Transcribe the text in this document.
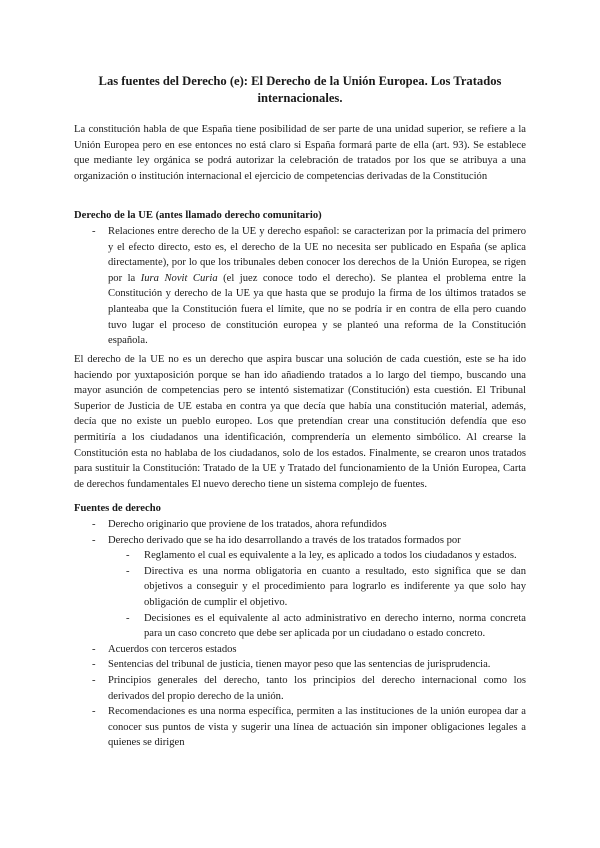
Las fuentes del Derecho (e): El Derecho de la Unión Europea. Los Tratados internacionales.

La constitución habla de que España tiene posibilidad de ser parte de una unidad superior, se refiere a la Unión Europea pero en ese entonces no está claro si España formará parte de ella (art. 93). Se establece que mediante ley orgánica se podrá autorizar la celebración de tratados por los que se atribuya a una organización o institución internacional el ejercicio de competencias derivadas de la Constitución

Derecho de la UE (antes llamado derecho comunitario)

- Relaciones entre derecho de la UE y derecho español: se caracterizan por la primacía del primero y el efecto directo, esto es, el derecho de la UE no necesita ser publicado en España (se aplica directamente), por lo que los tribunales deben conocer los derechos de la Unión Europea, se rigen por la Iura Novit Curia (el juez conoce todo el derecho). Se plantea el problema entre la Constitución y derecho de la UE ya que hasta que se produjo la firma de los últimos tratados se planteaba que la Constitución fuera el límite, que no se podría ir en contra de ella pero cuando tuvo lugar el proceso de constitución europea y se planteó una reforma de la Constitución española.

El derecho de la UE no es un derecho que aspira buscar una solución de cada cuestión, este se ha ido haciendo por yuxtaposición porque se han ido añadiendo tratados a lo largo del tiempo, buscando una mayor asunción de competencias pero se intentó sistematizar (Constitución) esta cuestión. El Tribunal Superior de Justicia de UE estaba en contra ya que decía que había una constitución material, además, decía que no existe un pueblo europeo. Los que pretendían crear una constitución defendía que eso permitiría a los ciudadanos una identificación, comprendería un elemento simbólico. Al crearse la Constitución esta no hablaba de los ciudadanos, solo de los estados. Finalmente, se crearon unos tratados para sustituir la Constitución: Tratado de la UE y Tratado del funcionamiento de la Unión Europea, Carta de derechos fundamentales El nuevo derecho tiene un sistema complejo de fuentes.

Fuentes de derecho

- Derecho originario que proviene de los tratados, ahora refundidos
- Derecho derivado que se ha ido desarrollando a través de los tratados formados por
- Reglamento el cual es equivalente a la ley, es aplicado a todos los ciudadanos y estados.
- Directiva es una norma obligatoria en cuanto a resultado, esto significa que se dan objetivos a conseguir y el procedimiento para lograrlo es indiferente ya que solo hay obligación de cumplir el objetivo.
- Decisiones es el equivalente al acto administrativo en derecho interno, norma concreta para un caso concreto que debe ser aplicada por un ciudadano o estado concreto.
- Acuerdos con terceros estados
- Sentencias del tribunal de justicia, tienen mayor peso que las sentencias de jurisprudencia.
- Principios generales del derecho, tanto los principios del derecho internacional como los derivados del propio derecho de la unión.
- Recomendaciones es una norma específica, permiten a las instituciones de la unión europea dar a conocer sus puntos de vista y sugerir una línea de actuación sin imponer obligaciones legales a quienes se dirigen
